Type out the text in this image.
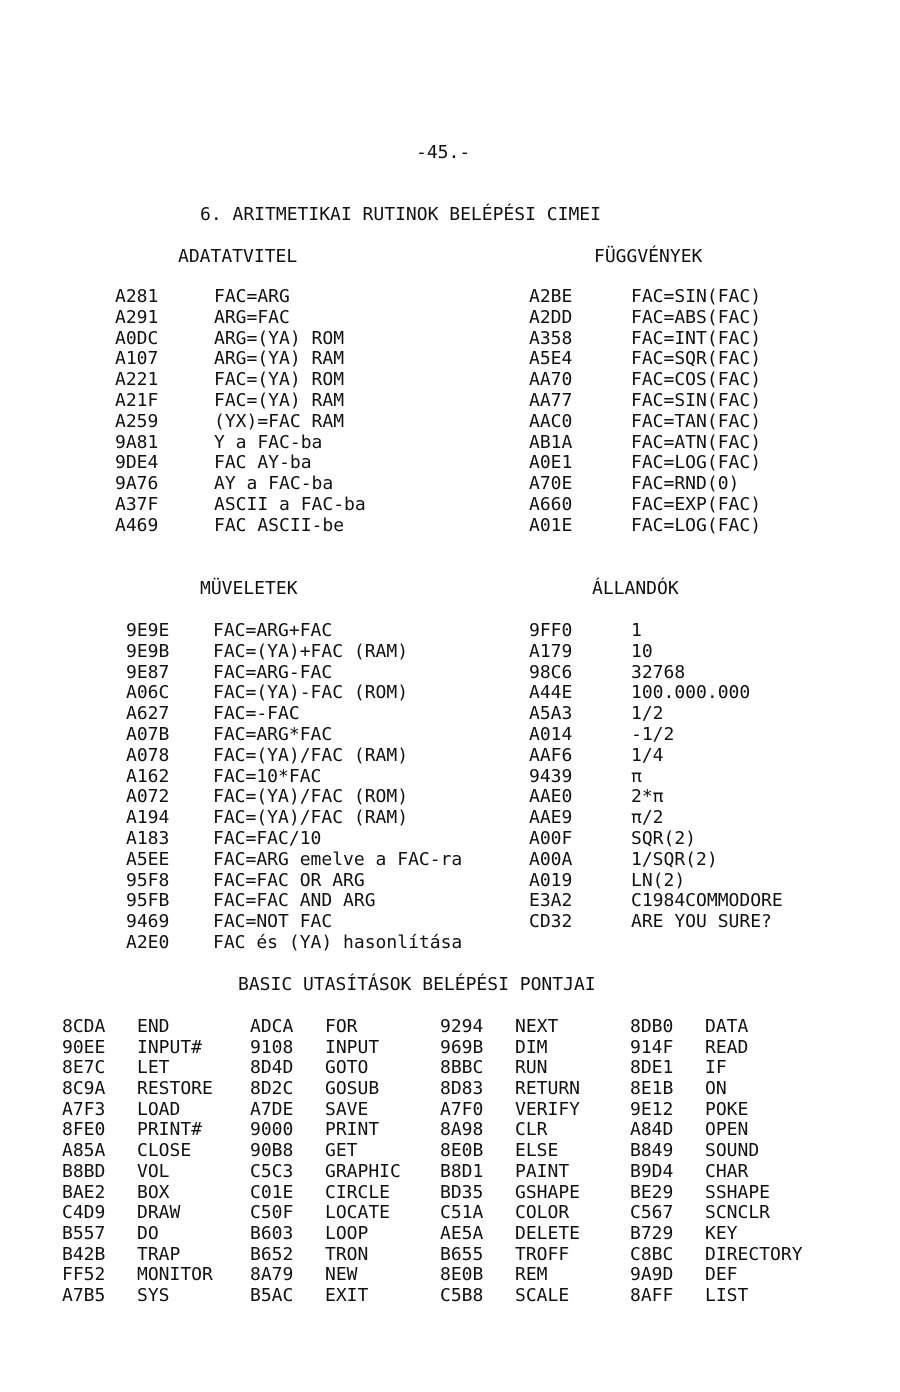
-45.-
6. ARITMETIKAI RUTINOK BELÉPÉSI CIMEI
ADATATVITEL	FÜGGVÉNYEK
A281	FAC=ARG
A291	ARG=FAC
A0DC	ARG=(YA) ROM
A107	ARG=(YA) RAM
A221	FAC=(YA) ROM
A21F	FAC=(YA) RAM
A259	(YX)=FAC RAM
9A81	Y a FAC-ba
9DE4	FAC AY-ba
9A76	AY a FAC-ba
A37F	ASCII a FAC-ba
A469	FAC ASCII-be
A2BE	FAC=SIN(FAC)
A2DD	FAC=ABS(FAC)
A358	FAC=INT(FAC)
A5E4	FAC=SQR(FAC)
AA70	FAC=COS(FAC)
AA77	FAC=SIN(FAC)
AAC0	FAC=TAN(FAC)
AB1A	FAC=ATN(FAC)
A0E1	FAC=LOG(FAC)
A70E	FAC=RND(0)
A660	FAC=EXP(FAC)
A01E	FAC=LOG(FAC)
MÜVELETEK	ÁLLANDÓK
9E9E FAC=ARG+FAC
9E9B FAC=(YA)+FAC (RAM)
9E87 FAC=ARG-FAC
A06C FAC=(YA)-FAC (ROM)
A627 FAC=-FAC
A07B FAC=ARG*FAC
A078 FAC=(YA)/FAC (RAM)
A162 FAC=10*FAC
A072 FAC=(YA)/FAC (ROM)
A194 FAC=(YA)/FAC (RAM)
A183 FAC=FAC/10
A5EE FAC=ARG emelve a FAC-ra
95F8 FAC=FAC OR ARG
95FB FAC=FAC AND ARG
9469 FAC=NOT FAC
A2E0 FAC és (YA) hasonlítása
9FF0	1
A179	10
98C6	32768
A44E	100.000.000
A5A3	1/2
A014	-1/2
AAF6	1/4
9439	π
AAE0	2*π
AAE9	π/2
A00F	SQR(2)
A00A	1/SQR(2)
A019	LN(2)
E3A2	C1984COMMODORE
CD32	ARE YOU SURE?
BASIC UTASÍTÁSOK BELÉPÉSI PONTJAI
8CDA END	ADCA FOR	9294 NEXT	8DB0 DATA
90EE INPUT#	9108 INPUT	969B DIM	914F READ
8E7C LET	8D4D GOTO	8BBC RUN	8DE1 IF
8C9A RESTORE 8D2C GOSUB	8D83 RETURN	8E1B ON
A7F3 LOAD	A7DE SAVE	A7F0 VERIFY	9E12 POKE
8FE0 PRINT#	9000 PRINT	8A98 CLR	A84D OPEN
A85A CLOSE	90B8 GET	8E0B ELSE	B849 SOUND
B8BD VOL	C5C3 GRAPHIC B8D1 PAINT	B9D4 CHAR
BAE2 BOX	C01E CIRCLE	BD35 GSHAPE	BE29 SSHAPE
C4D9 DRAW	C50F LOCATE	C51A COLOR	C567 SCNCLR
B557 DO	B603 LOOP	AE5A DELETE	B729 KEY
B42B TRAP	B652 TRON	B655 TROFF	C8BC DIRECTORY
FF52 MONITOR 8A79 NEW	8E0B REM	9A9D DEF
A7B5 SYS	B5AC EXIT	C5B8 SCALE	8AFF LIST
